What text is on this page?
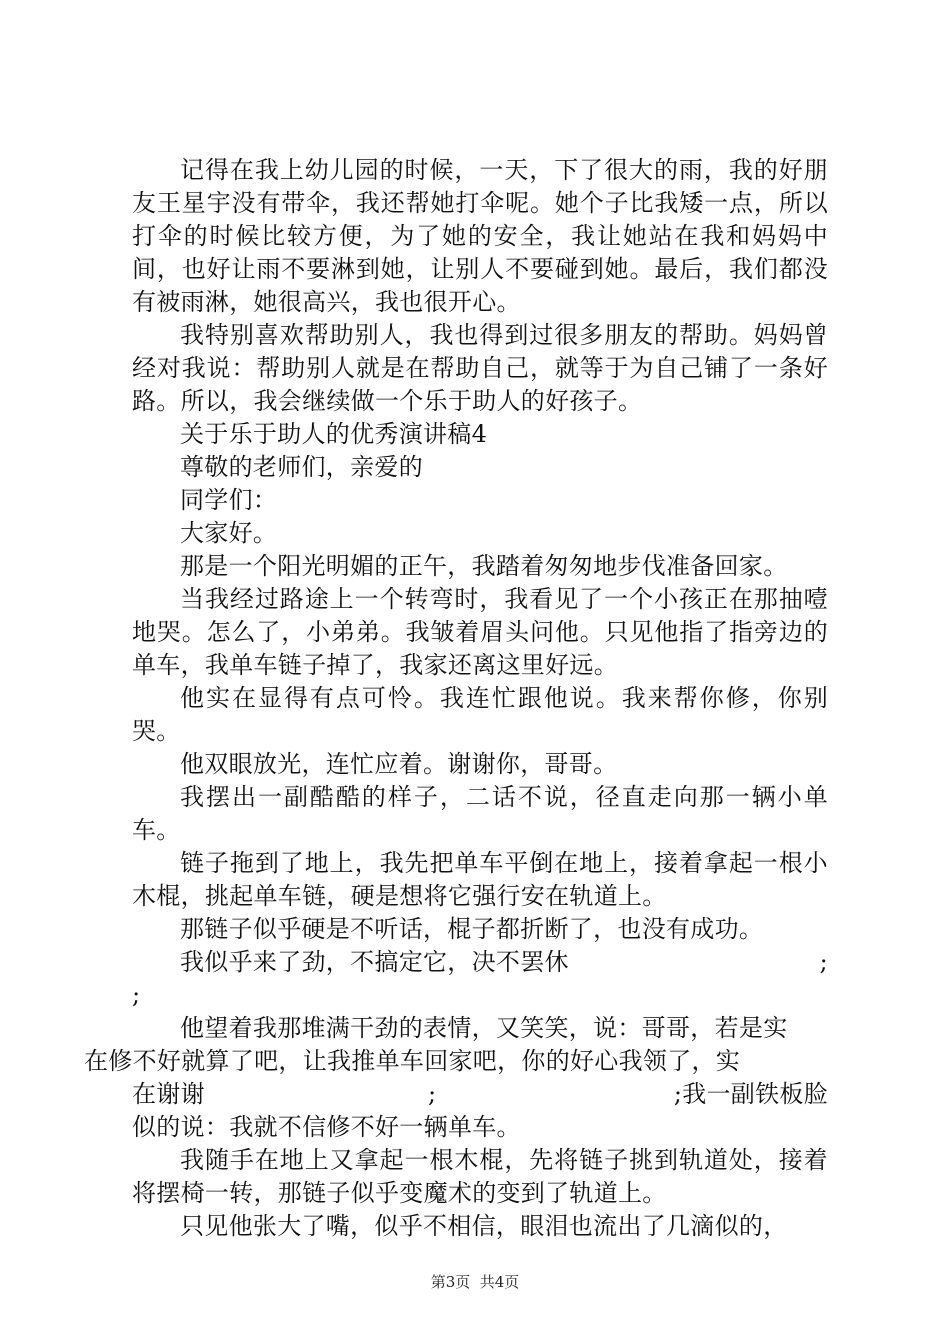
记得在我上幼儿园的时候，一天，下了很大的雨，我的好朋友王星宇没有带伞，我还帮她打伞呢。她个子比我矮一点，所以打伞的时候比较方便，为了她的安全，我让她站在我和妈妈中间，也好让雨不要淋到她，让别人不要碰到她。最后，我们都没有被雨淋，她很高兴，我也很开心。

我特别喜欢帮助别人，我也得到过很多朋友的帮助。妈妈曾经对我说：帮助别人就是在帮助自己，就等于为自己铺了一条好路。所以，我会继续做一个乐于助人的好孩子。

关于乐于助人的优秀演讲稿4

尊敬的老师们，亲爱的

同学们：

大家好。

那是一个阳光明媚的正午，我踏着匆匆地步伐准备回家。

当我经过路途上一个转弯时，我看见了一个小孩正在那抽噎地哭。怎么了，小弟弟。我皱着眉头问他。只见他指了指旁边的单车，我单车链子掉了，我家还离这里好远。

他实在显得有点可怜。我连忙跟他说。我来帮你修，你别哭。

他双眼放光，连忙应着。谢谢你，哥哥。

我摆出一副酷酷的样子，二话不说，径直走向那一辆小单车。

链子拖到了地上，我先把单车平倒在地上，接着拿起一根小木棍，挑起单车链，硬是想将它强行安在轨道上。

那链子似乎硬是不听话，棍子都折断了，也没有成功。

我似乎来了劲，不搞定它，决不罢休	;

;

他望着我那堆满干劲的表情，又笑笑，说：哥哥，若是实
在修不好就算了吧，让我推单车回家吧，你的好心我领了，实

在谢谢	;	;我一副铁板脸
似的说：我就不信修不好一辆单车。

我随手在地上又拿起一根木棍，先将链子挑到轨道处，接着将摆椅一转，那链子似乎变魔术的变到了轨道上。

只见他张大了嘴，似乎不相信，眼泪也流出了几滴似的，

第3页  共4页
